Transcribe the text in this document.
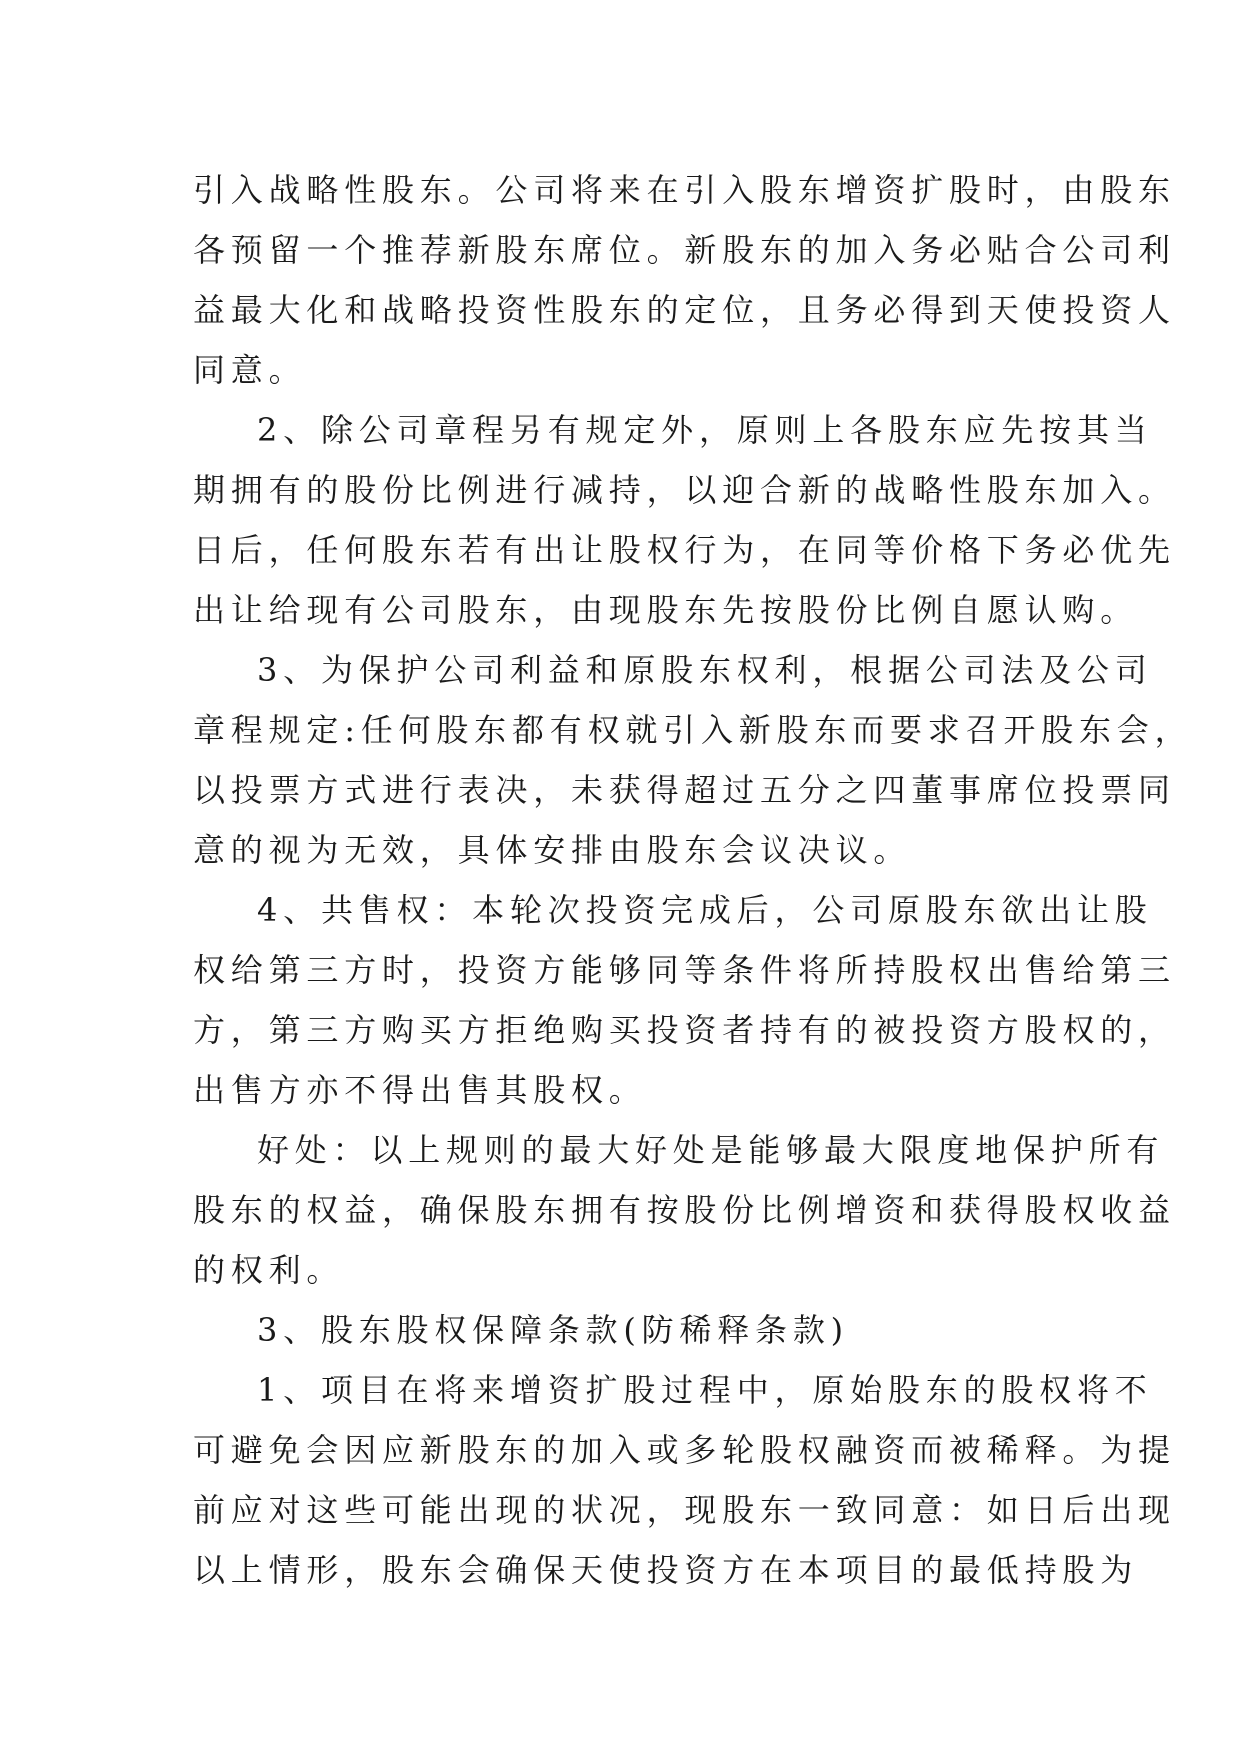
引入战略性股东。公司将来在引入股东增资扩股时，由股东
各预留一个推荐新股东席位。新股东的加入务必贴合公司利
益最大化和战略投资性股东的定位，且务必得到天使投资人
同意。
2、除公司章程另有规定外，原则上各股东应先按其当
期拥有的股份比例进行减持，以迎合新的战略性股东加入。
日后，任何股东若有出让股权行为，在同等价格下务必优先
出让给现有公司股东，由现股东先按股份比例自愿认购。
3、为保护公司利益和原股东权利，根据公司法及公司
章程规定:任何股东都有权就引入新股东而要求召开股东会，
以投票方式进行表决，未获得超过五分之四董事席位投票同
意的视为无效，具体安排由股东会议决议。
4、共售权：本轮次投资完成后，公司原股东欲出让股
权给第三方时，投资方能够同等条件将所持股权出售给第三
方，第三方购买方拒绝购买投资者持有的被投资方股权的，
出售方亦不得出售其股权。
好处：以上规则的最大好处是能够最大限度地保护所有
股东的权益，确保股东拥有按股份比例增资和获得股权收益
的权利。
3、股东股权保障条款(防稀释条款)
1、项目在将来增资扩股过程中，原始股东的股权将不
可避免会因应新股东的加入或多轮股权融资而被稀释。为提
前应对这些可能出现的状况，现股东一致同意：如日后出现
以上情形，股东会确保天使投资方在本项目的最低持股为
